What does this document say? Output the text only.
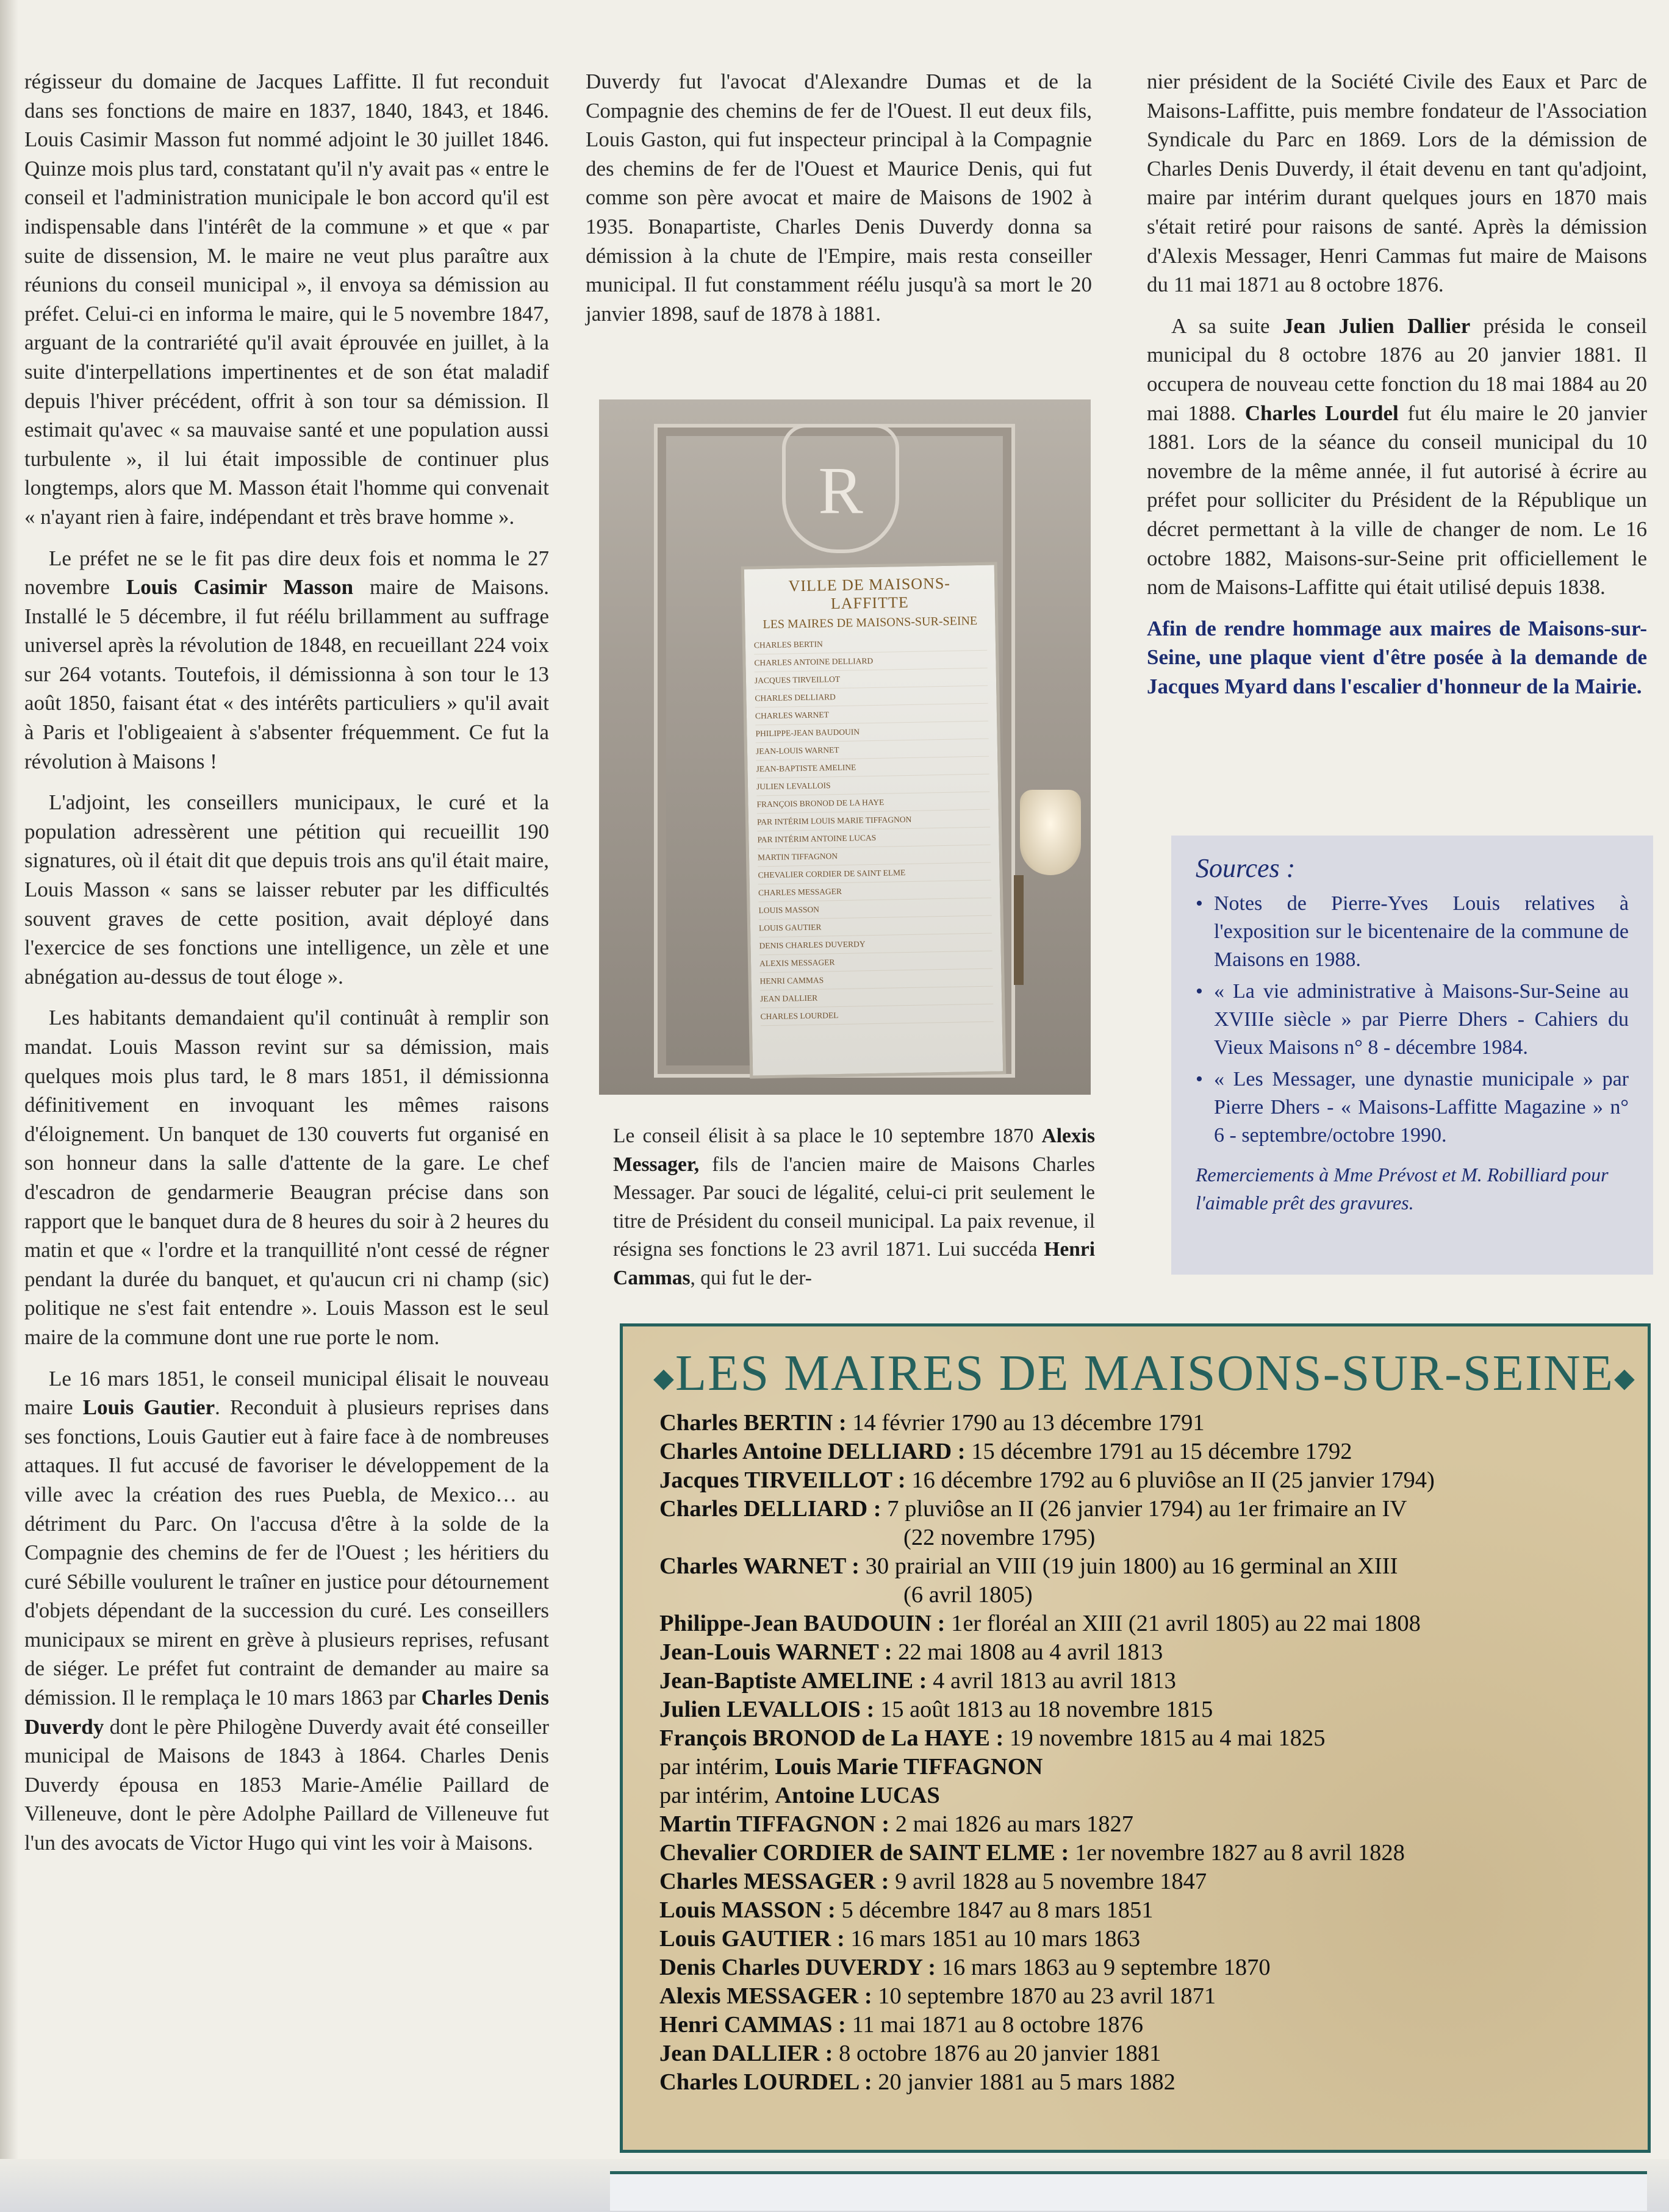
régisseur du domaine de Jacques Laffitte. Il fut reconduit dans ses fonctions de maire en 1837, 1840, 1843, et 1846. Louis Casimir Masson fut nommé adjoint le 30 juillet 1846. Quinze mois plus tard, constatant qu'il n'y avait pas « entre le conseil et l'administration municipale le bon accord qu'il est indispensable dans l'intérêt de la commune » et que « par suite de dissension, M. le maire ne veut plus paraître aux réunions du conseil municipal », il envoya sa démission au préfet. Celui-ci en informa le maire, qui le 5 novembre 1847, arguant de la contrariété qu'il avait éprouvée en juillet, à la suite d'interpellations impertinentes et de son état maladif depuis l'hiver précédent, offrit à son tour sa démission. Il estimait qu'avec « sa mauvaise santé et une population aussi turbulente », il lui était impossible de continuer plus longtemps, alors que M. Masson était l'homme qui convenait « n'ayant rien à faire, indépendant et très brave homme ».

Le préfet ne se le fit pas dire deux fois et nomma le 27 novembre Louis Casimir Masson maire de Maisons. Installé le 5 décembre, il fut réélu brillamment au suffrage universel après la révolution de 1848, en recueillant 224 voix sur 264 votants. Toutefois, il démissionna à son tour le 13 août 1850, faisant état « des intérêts particuliers » qu'il avait à Paris et l'obligeaient à s'absenter fréquemment. Ce fut la révolution à Maisons !

L'adjoint, les conseillers municipaux, le curé et la population adressèrent une pétition qui recueillit 190 signatures, où il était dit que depuis trois ans qu'il était maire, Louis Masson « sans se laisser rebuter par les difficultés souvent graves de cette position, avait déployé dans l'exercice de ses fonctions une intelligence, un zèle et une abnégation au-dessus de tout éloge ».

Les habitants demandaient qu'il continuât à remplir son mandat. Louis Masson revint sur sa démission, mais quelques mois plus tard, le 8 mars 1851, il démissionna définitivement en invoquant les mêmes raisons d'éloignement. Un banquet de 130 couverts fut organisé en son honneur dans la salle d'attente de la gare. Le chef d'escadron de gendarmerie Beaugran précise dans son rapport que le banquet dura de 8 heures du soir à 2 heures du matin et que « l'ordre et la tranquillité n'ont cessé de régner pendant la durée du banquet, et qu'aucun cri ni champ (sic) politique ne s'est fait entendre ». Louis Masson est le seul maire de la commune dont une rue porte le nom.

Le 16 mars 1851, le conseil municipal élisait le nouveau maire Louis Gautier. Reconduit à plusieurs reprises dans ses fonctions, Louis Gautier eut à faire face à de nombreuses attaques. Il fut accusé de favoriser le développement de la ville avec la création des rues Puebla, de Mexico… au détriment du Parc. On l'accusa d'être à la solde de la Compagnie des chemins de fer de l'Ouest ; les héritiers du curé Sébille voulurent le traîner en justice pour détournement d'objets dépendant de la succession du curé. Les conseillers municipaux se mirent en grève à plusieurs reprises, refusant de siéger. Le préfet fut contraint de demander au maire sa démission. Il le remplaça le 10 mars 1863 par Charles Denis Duverdy dont le père Philogène Duverdy avait été conseiller municipal de Maisons de 1843 à 1864. Charles Denis Duverdy épousa en 1853 Marie-Amélie Paillard de Villeneuve, dont le père Adolphe Paillard de Villeneuve fut l'un des avocats de Victor Hugo qui vint les voir à Maisons.

Duverdy fut l'avocat d'Alexandre Dumas et de la Compagnie des chemins de fer de l'Ouest. Il eut deux fils, Louis Gaston, qui fut inspecteur principal à la Compagnie des chemins de fer de l'Ouest et Maurice Denis, qui fut comme son père avocat et maire de Maisons de 1902 à 1935. Bonapartiste, Charles Denis Duverdy donna sa démission à la chute de l'Empire, mais resta conseiller municipal. Il fut constamment réélu jusqu'à sa mort le 20 janvier 1898, sauf de 1878 à 1881.

R
VILLE DE MAISONS-LAFFITTE
LES MAIRES DE MAISONS-SUR-SEINE
CHARLES BERTIN
CHARLES ANTOINE DELLIARD
JACQUES TIRVEILLOT
CHARLES DELLIARD
CHARLES WARNET
PHILIPPE-JEAN BAUDOUIN
JEAN-LOUIS WARNET
JEAN-BAPTISTE AMELINE
JULIEN LEVALLOIS
FRANÇOIS BRONOD DE LA HAYE
PAR INTÉRIM LOUIS MARIE TIFFAGNON
PAR INTÉRIM ANTOINE LUCAS
MARTIN TIFFAGNON
CHEVALIER CORDIER DE SAINT ELME
CHARLES MESSAGER
LOUIS MASSON
LOUIS GAUTIER
DENIS CHARLES DUVERDY
ALEXIS MESSAGER
HENRI CAMMAS
JEAN DALLIER
CHARLES LOURDEL

Le conseil élisit à sa place le 10 septembre 1870 Alexis Messager, fils de l'ancien maire de Maisons Charles Messager. Par souci de légalité, celui-ci prit seulement le titre de Président du conseil municipal. La paix revenue, il résigna ses fonctions le 23 avril 1871. Lui succéda Henri Cammas, qui fut le der-

nier président de la Société Civile des Eaux et Parc de Maisons-Laffitte, puis membre fondateur de l'Association Syndicale du Parc en 1869. Lors de la démission de Charles Denis Duverdy, il était devenu en tant qu'adjoint, maire par intérim durant quelques jours en 1870 mais s'était retiré pour raisons de santé. Après la démission d'Alexis Messager, Henri Cammas fut maire de Maisons du 11 mai 1871 au 8 octobre 1876.

A sa suite Jean Julien Dallier présida le conseil municipal du 8 octobre 1876 au 20 janvier 1881. Il occupera de nouveau cette fonction du 18 mai 1884 au 20 mai 1888. Charles Lourdel fut élu maire le 20 janvier 1881. Lors de la séance du conseil municipal du 10 novembre de la même année, il fut autorisé à écrire au préfet pour solliciter du Président de la République un décret permettant à la ville de changer de nom. Le 16 octobre 1882, Maisons-sur-Seine prit officiellement le nom de Maisons-Laffitte qui était utilisé depuis 1838.

Afin de rendre hommage aux maires de Maisons-sur-Seine, une plaque vient d'être posée à la demande de Jacques Myard dans l'escalier d'honneur de la Mairie.

Sources :
• Notes de Pierre-Yves Louis relatives à l'exposition sur le bicentenaire de la commune de Maisons en 1988.
• « La vie administrative à Maisons-Sur-Seine au XVIIIe siècle » par Pierre Dhers - Cahiers du Vieux Maisons n° 8 - décembre 1984.
• « Les Messager, une dynastie municipale » par Pierre Dhers - « Maisons-Laffitte Magazine » n° 6 - septembre/octobre 1990.
Remerciements à Mme Prévost et M. Robilliard pour l'aimable prêt des gravures.
◆LES MAIRES DE MAISONS-SUR-SEINE◆
Charles BERTIN : 14 février 1790 au 13 décembre 1791
Charles Antoine DELLIARD : 15 décembre 1791 au 15 décembre 1792
Jacques TIRVEILLOT : 16 décembre 1792 au 6 pluviôse an II (25 janvier 1794)
Charles DELLIARD : 7 pluviôse an II (26 janvier 1794) au 1er frimaire an IV
(22 novembre 1795)
Charles WARNET : 30 prairial an VIII (19 juin 1800) au 16 germinal an XIII
(6 avril 1805)
Philippe-Jean BAUDOUIN : 1er floréal an XIII (21 avril 1805) au 22 mai 1808
Jean-Louis WARNET : 22 mai 1808 au 4 avril 1813
Jean-Baptiste AMELINE : 4 avril 1813 au avril 1813
Julien LEVALLOIS : 15 août 1813 au 18 novembre 1815
François BRONOD de La HAYE : 19 novembre 1815 au 4 mai 1825
par intérim, Louis Marie TIFFAGNON
par intérim, Antoine LUCAS
Martin TIFFAGNON : 2 mai 1826 au mars 1827
Chevalier CORDIER de SAINT ELME : 1er novembre 1827 au 8 avril 1828
Charles MESSAGER : 9 avril 1828 au 5 novembre 1847
Louis MASSON : 5 décembre 1847 au 8 mars 1851
Louis GAUTIER : 16 mars 1851 au 10 mars 1863
Denis Charles DUVERDY : 16 mars 1863 au 9 septembre 1870
Alexis MESSAGER : 10 septembre 1870 au 23 avril 1871
Henri CAMMAS : 11 mai 1871 au 8 octobre 1876
Jean DALLIER : 8 octobre 1876 au 20 janvier 1881
Charles LOURDEL : 20 janvier 1881 au 5 mars 1882
